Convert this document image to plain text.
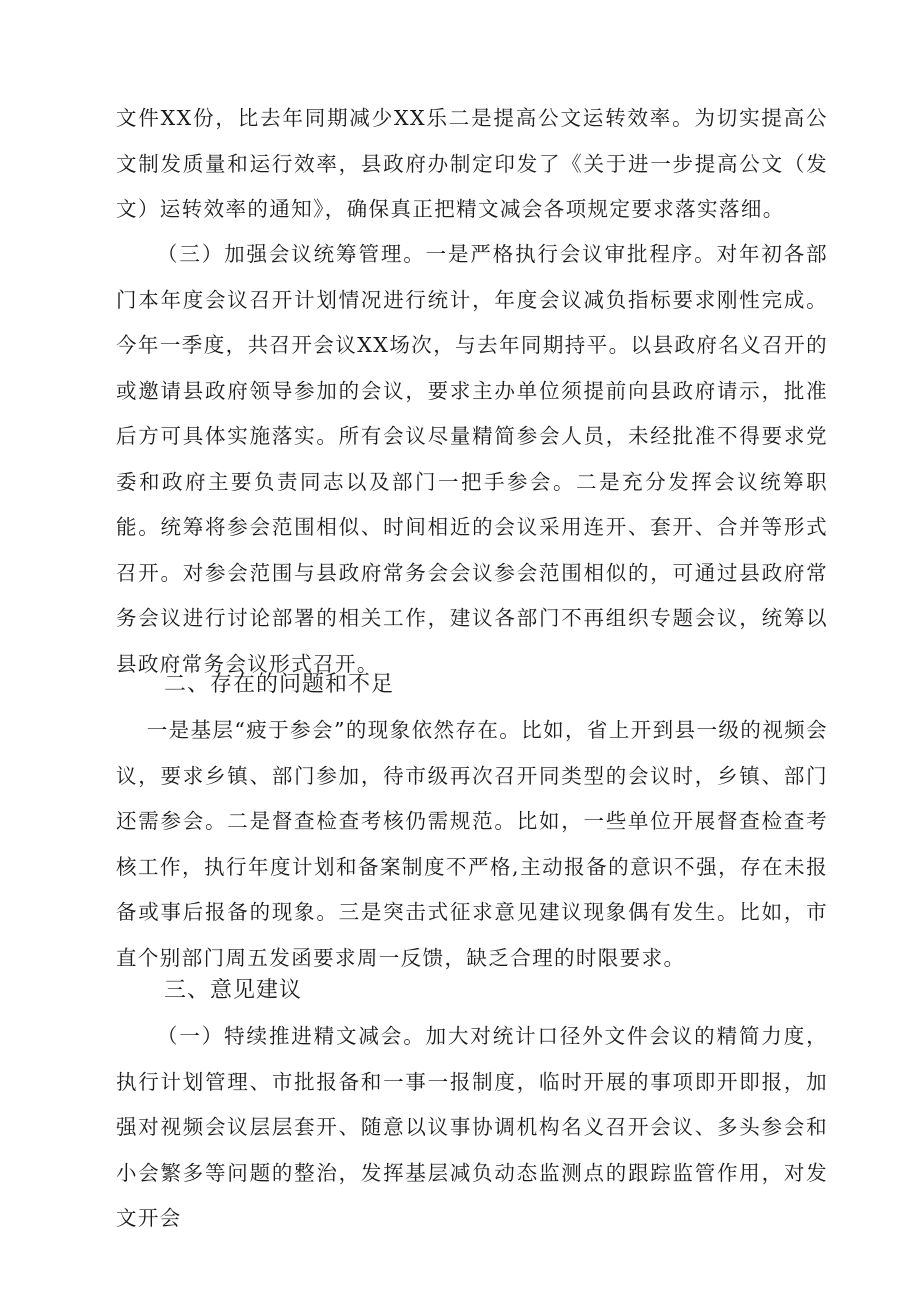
文件XX份，比去年同期减少XX乐二是提高公文运转效率。为切实提高公文制发质量和运行效率，县政府办制定印发了《关于进一步提高公文（发文）运转效率的通知》，确保真正把精文减会各项规定要求落实落细。

（三）加强会议统筹管理。一是严格执行会议审批程序。对年初各部门本年度会议召开计划情况进行统计，年度会议减负指标要求刚性完成。今年一季度，共召开会议XX场次，与去年同期持平。以县政府名义召开的或邀请县政府领导参加的会议，要求主办单位须提前向县政府请示，批准后方可具体实施落实。所有会议尽量精简参会人员，未经批准不得要求党委和政府主要负责同志以及部门一把手参会。二是充分发挥会议统筹职能。统筹将参会范围相似、时间相近的会议采用连开、套开、合并等形式召开。对参会范围与县政府常务会会议参会范围相似的，可通过县政府常务会议进行讨论部署的相关工作，建议各部门不再组织专题会议，统筹以县政府常务会议形式召开。

二、存在的问题和不足

一是基层“疲于参会”的现象依然存在。比如，省上开到县一级的视频会议，要求乡镇、部门参加，待市级再次召开同类型的会议时，乡镇、部门还需参会。二是督查检查考核仍需规范。比如，一些单位开展督查检查考核工作，执行年度计划和备案制度不严格,主动报备的意识不强，存在未报备或事后报备的现象。三是突击式征求意见建议现象偶有发生。比如，市直个别部门周五发函要求周一反馈，缺乏合理的时限要求。

三、意见建议

（一）特续推进精文减会。加大对统计口径外文件会议的精简力度，执行计划管理、市批报备和一事一报制度，临时开展的事项即开即报，加强对视频会议层层套开、随意以议事协调机构名义召开会议、多头参会和小会繁多等问题的整治，发挥基层减负动态监测点的跟踪监管作用，对发文开会
